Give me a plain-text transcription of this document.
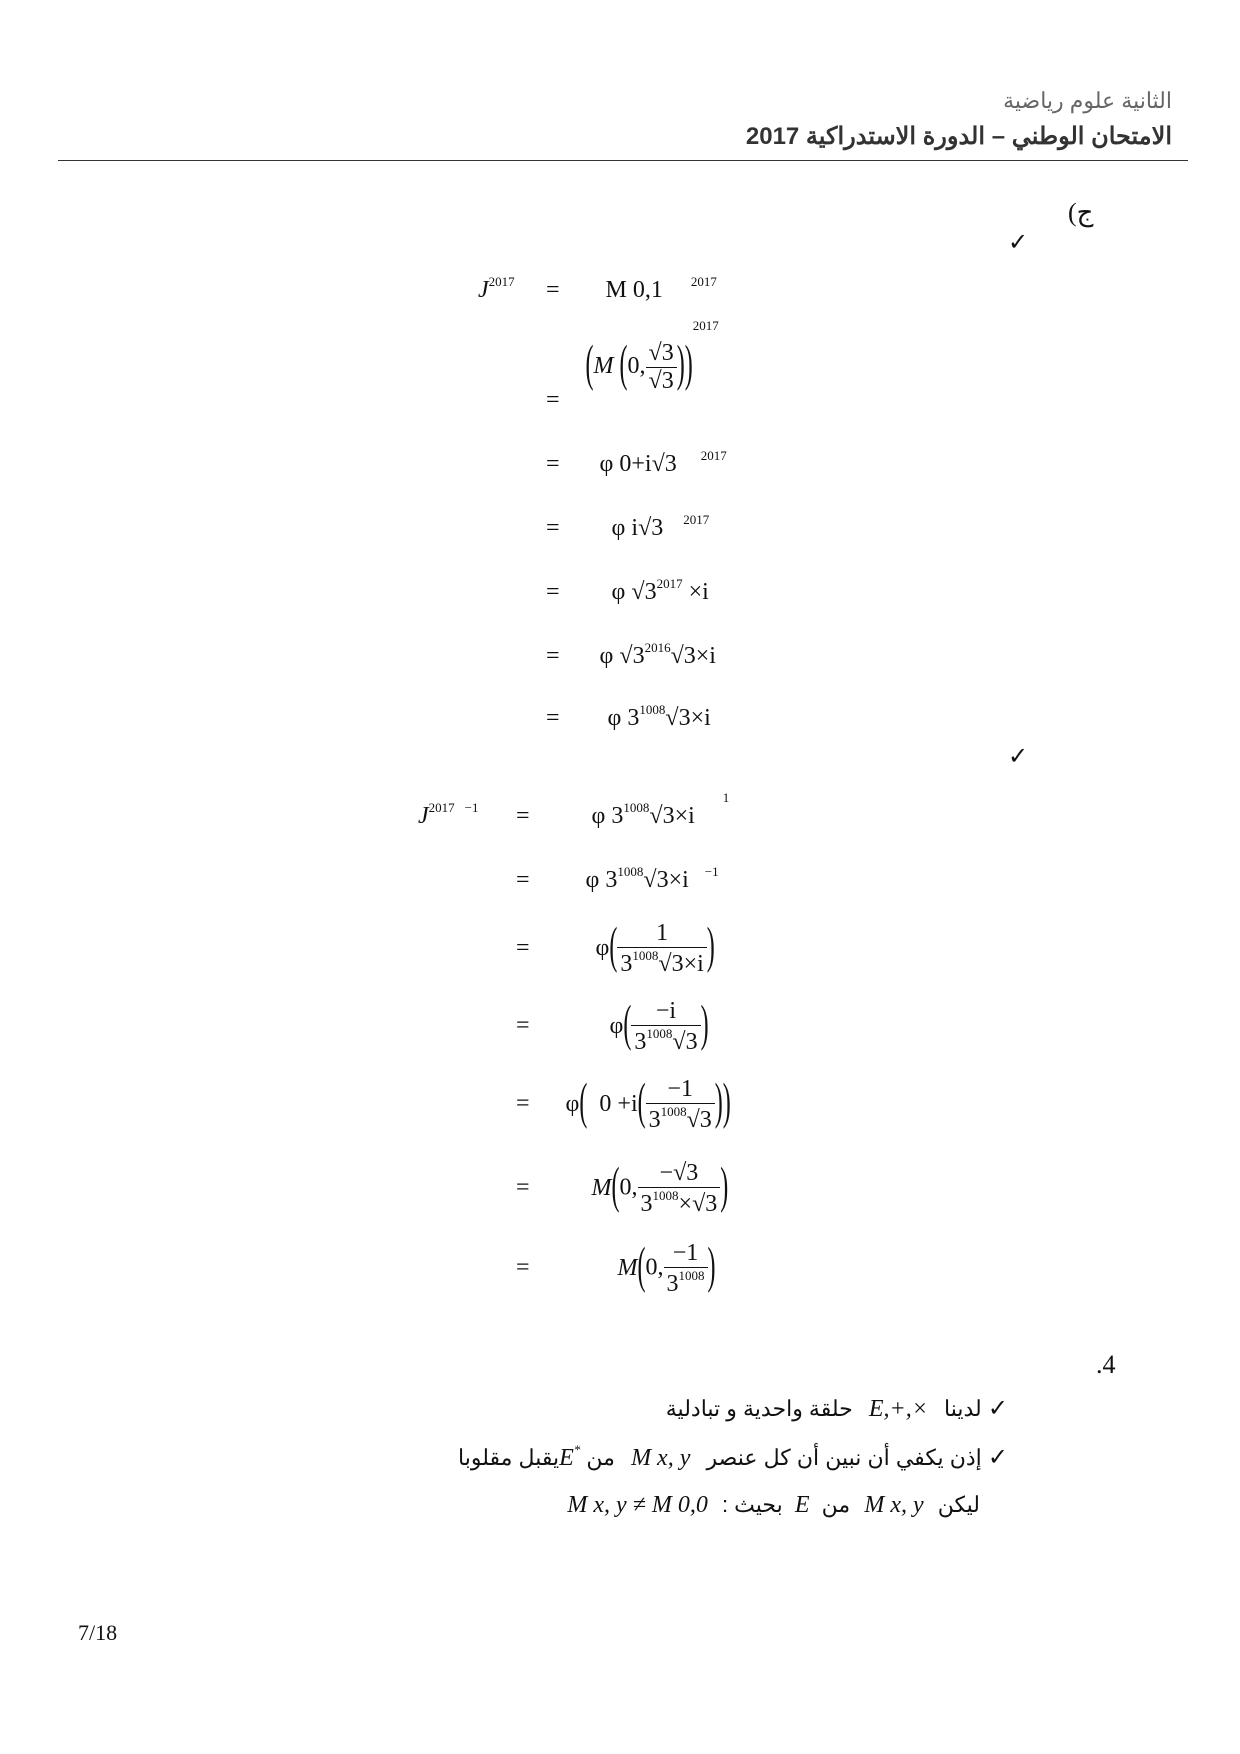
الثانية علوم رياضية
الامتحان الوطني – الدورة الاستدراكية 2017
ج)
✓
$J^{2017} = M$ 0,1 $^{2017}$
= (M (0, $\frac{√3}{√3} ))^{2017}$
= φ 0+i√3 $^{2017}$
= φ i√3 $^{2017}$
= φ $√3^{2017} \times i$
= φ $√3^{2016}√3\times i$
= φ $3^{1008}√3\times i$
✓
$J^{2017}$ $^{-1}$ =	φ $3^{1008}√3\times i$ $^1$
= φ $3^{1008}√3\times i$ $^{-1}$
=	$\varphi( \frac{1}{3^{1008}√3\times i}$ )
=	$\varphi( \frac{-i}{3^{1008}√3}$ )
= φ( $0 +i( \frac{-1}{3^{1008}√3}$ ))
=	M(0, $\frac{-√3}{3^{1008}\times√3}$ )
=	M(0, $\frac{-1}{3^{1008}}$ )
.4
✓ لدينا E,+,× حلقة واحدية و تبادلية
✓ إذن يكفي أن نبين أن كل عنصر M x, y من E*يقبل مقلوبا
ليكن M x, y من E بحيث : M x, y ≠ M 0,0
7/18
